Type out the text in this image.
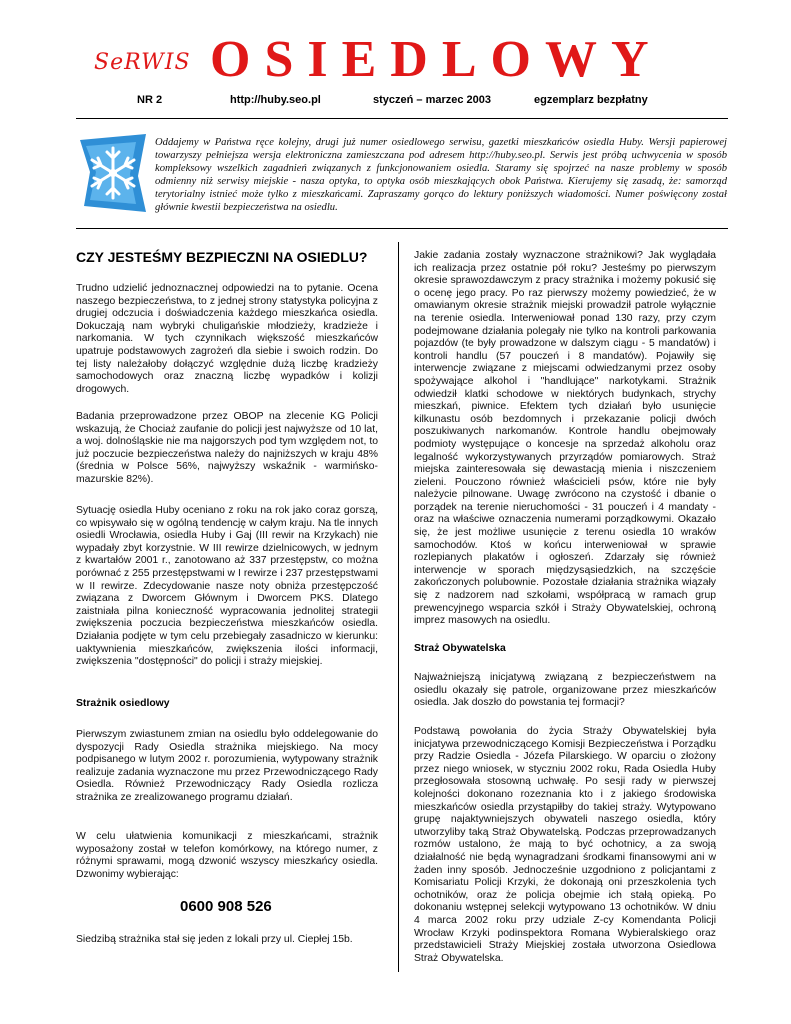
SeRWIS OSIEDLOWY
NR 2	http://huby.seo.pl	styczeń – marzec 2003	egzemplarz bezpłatny
Oddajemy w Państwa ręce kolejny, drugi już numer osiedlowego serwisu, gazetki mieszkańców osiedla Huby. Wersji papierowej towarzyszy pełniejsza wersja elektroniczna zamieszczana pod adresem http://huby.seo.pl. Serwis jest próbą uchwycenia w sposób kompleksowy wszelkich zagadnień związanych z funkcjonowaniem osiedla. Staramy się spojrzeć na nasze problemy w sposób odmienny niż serwisy miejskie - nasza optyka, to optyka osób mieszkających obok Państwa. Kierujemy się zasadą, że: samorząd terytorialny istnieć może tylko z mieszkańcami. Zapraszamy gorąco do lektury poniższych wiadomości. Numer poświęcony został głównie kwestii bezpieczeństwa na osiedlu.
CZY JESTEŚMY BEZPIECZNI NA OSIEDLU?

Trudno udzielić jednoznacznej odpowiedzi na to pytanie. Ocena naszego bezpieczeństwa, to z jednej strony statystyka policyjna z drugiej odczucia i doświadczenia każdego mieszkańca osiedla. Dokuczają nam wybryki chuligańskie młodzieży, kradzieże i narkomania. W tych czynnikach większość mieszkańców upatruje podstawowych zagrożeń dla siebie i swoich rodzin. Do tej listy należałoby dołączyć względnie dużą liczbę kradzieży samochodowych oraz znaczną liczbę wypadków i kolizji drogowych.

Badania przeprowadzone przez OBOP na zlecenie KG Policji wskazują, że Chociaż zaufanie do policji jest najwyższe od 10 lat, a woj. dolnośląskie nie ma najgorszych pod tym względem not, to już poczucie bezpieczeństwa należy do najniższych w kraju 48% (średnia w Polsce 56%, najwyższy wskaźnik - warmińsko-mazurskie 82%).

Sytuację osiedla Huby oceniano z roku na rok jako coraz gorszą, co wpisywało się w ogólną tendencję w całym kraju. Na tle innych osiedli Wrocławia, osiedla Huby i Gaj (III rewir na Krzykach) nie wypadały zbyt korzystnie. W III rewirze dzielnicowych, w jednym z kwartałów 2001 r., zanotowano aż 337 przestępstw, co można porównać z 255 przestępstwami w I rewirze i 237 przestępstwami w II rewirze. Zdecydowanie nasze noty obniża przestępczość związana z Dworcem Głównym i Dworcem PKS. Dlatego zaistniała pilna konieczność wypracowania jednolitej strategii zwiększenia poczucia bezpieczeństwa mieszkańców osiedla. Działania podjęte w tym celu przebiegały zasadniczo w kierunku: uaktywnienia mieszkańców, zwiększenia ilości informacji, zwiększenia "dostępności" do policji i straży miejskiej.

Strażnik osiedlowy

Pierwszym zwiastunem zmian na osiedlu było oddelegowanie do dyspozycji Rady Osiedla strażnika miejskiego. Na mocy podpisanego w lutym 2002 r. porozumienia, wytypowany strażnik realizuje zadania wyznaczone mu przez Przewodniczącego Rady Osiedla. Również Przewodniczący Rady Osiedla rozlicza strażnika ze zrealizowanego programu działań.

W celu ułatwienia komunikacji z mieszkańcami, strażnik wyposażony został w telefon komórkowy, na którego numer, z różnymi sprawami, mogą dzwonić wszyscy mieszkańcy osiedla. Dzwonimy wybierając:

0600 908 526

Siedzibą strażnika stał się jeden z lokali przy ul. Ciepłej 15b.

Jakie zadania zostały wyznaczone strażnikowi? Jak wyglądała ich realizacja przez ostatnie pół roku? Jesteśmy po pierwszym okresie sprawozdawczym z pracy strażnika i możemy pokusić się o ocenę jego pracy. Po raz pierwszy możemy powiedzieć, że w omawianym okresie strażnik miejski prowadził patrole wyłącznie na terenie osiedla. Interweniował ponad 130 razy, przy czym podejmowane działania polegały nie tylko na kontroli parkowania pojazdów (te były prowadzone w dalszym ciągu - 5 mandatów) i kontroli handlu (57 pouczeń i 8 mandatów). Pojawiły się interwencje związane z miejscami odwiedzanymi przez osoby spożywające alkohol i "handlujące" narkotykami. Strażnik odwiedził klatki schodowe w niektórych budynkach, strychy mieszkań, piwnice. Efektem tych działań było usunięcie kilkunastu osób bezdomnych i przekazanie policji dwóch poszukiwanych narkomanów. Kontrole handlu obejmowały podmioty występujące o koncesje na sprzedaż alkoholu oraz legalność wykorzystywanych przyrządów pomiarowych. Straż miejska zainteresowała się dewastacją mienia i niszczeniem zieleni. Pouczono również właścicieli psów, które nie były należycie pilnowane. Uwagę zwrócono na czystość i dbanie o porządek na terenie nieruchomości - 31 pouczeń i 4 mandaty - oraz na właściwe oznaczenia numerami porządkowymi. Okazało się, że jest możliwe usunięcie z terenu osiedla 10 wraków samochodów. Ktoś w końcu interweniował w sprawie rozlepianych plakatów i ogłoszeń. Zdarzały się również interwencje w sporach międzysąsiedzkich, na szczęście zakończonych polubownie. Pozostałe działania strażnika wiązały się z nadzorem nad szkołami, współpracą w ramach grup prewencyjnego wsparcia szkół i Straży Obywatelskiej, ochroną imprez masowych na osiedlu.

Straż Obywatelska

Najważniejszą inicjatywą związaną z bezpieczeństwem na osiedlu okazały się patrole, organizowane przez mieszkańców osiedla. Jak doszło do powstania tej formacji?

Podstawą powołania do życia Straży Obywatelskiej była inicjatywa przewodniczącego Komisji Bezpieczeństwa i Porządku przy Radzie Osiedla - Józefa Pilarskiego. W oparciu o złożony przez niego wniosek, w styczniu 2002 roku, Rada Osiedla Huby przegłosowała stosowną uchwałę. Po sesji rady w pierwszej kolejności dokonano rozeznania kto i z jakiego środowiska mieszkańców osiedla przystąpiłby do takiej straży. Wytypowano grupę najaktywniejszych obywateli naszego osiedla, który utworzyliby taką Straż Obywatelską. Podczas przeprowadzanych rozmów ustalono, że mają to być ochotnicy, a za swoją działalność nie będą wynagradzani środkami finansowymi ani w żaden inny sposób. Jednocześnie uzgodniono z policjantami z Komisariatu Policji Krzyki, że dokonają oni przeszkolenia tych ochotników, oraz że policja obejmie ich stałą opieką. Po dokonaniu wstępnej selekcji wytypowano 13 ochotników. W dniu 4 marca 2002 roku przy udziale Z-cy Komendanta Policji Wrocław Krzyki podinspektora Romana Wybieralskiego oraz przedstawicieli Straży Miejskiej została utworzona Osiedlowa Straż Obywatelska.
